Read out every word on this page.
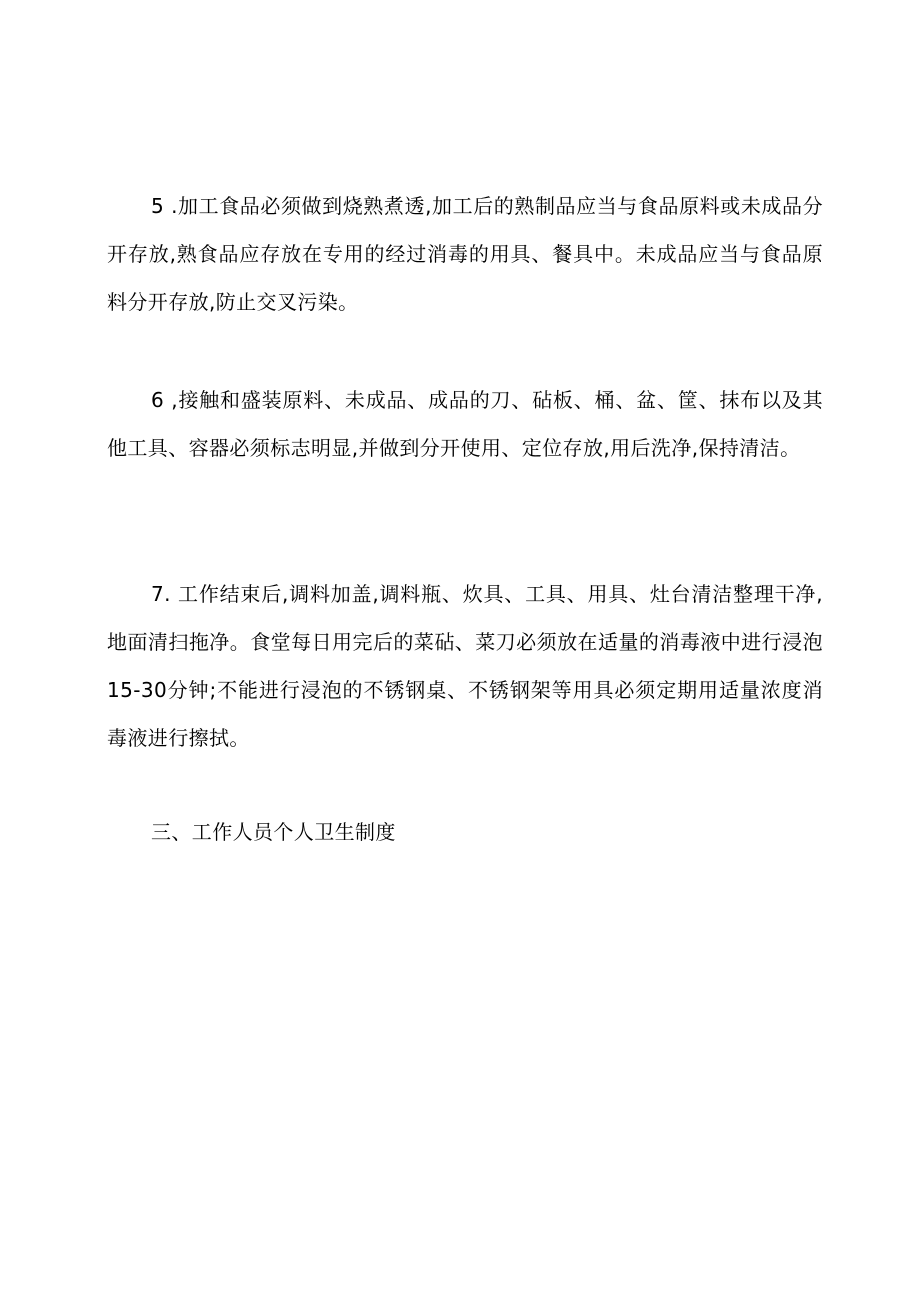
5 .加工食品必须做到烧熟煮透,加工后的熟制品应当与食品原料或未成品分开存放,熟食品应存放在专用的经过消毒的用具、餐具中。未成品应当与食品原料分开存放,防止交叉污染。

6 ,接触和盛装原料、未成品、成品的刀、砧板、桶、盆、筐、抹布以及其他工具、容器必须标志明显,并做到分开使用、定位存放,用后洗净,保持清洁。

7. 工作结束后,调料加盖,调料瓶、炊具、工具、用具、灶台清洁整理干净,地面清扫拖净。食堂每日用完后的菜砧、菜刀必须放在适量的消毒液中进行浸泡15-30分钟;不能进行浸泡的不锈钢桌、不锈钢架等用具必须定期用适量浓度消毒液进行擦拭。

三、工作人员个人卫生制度
